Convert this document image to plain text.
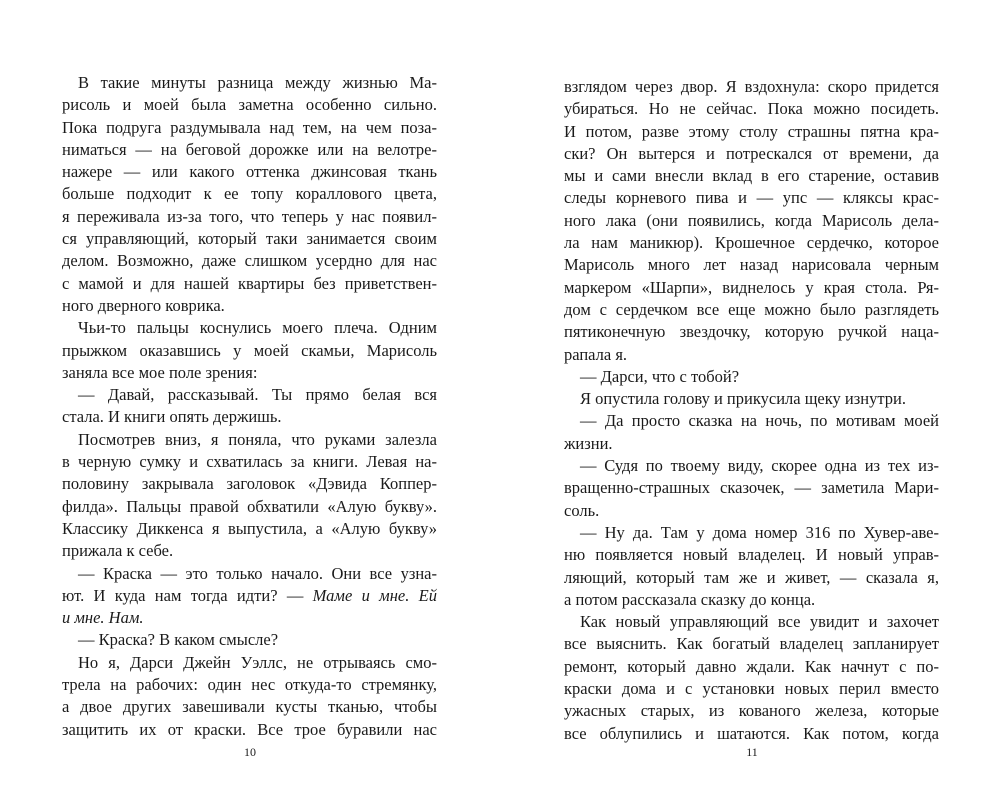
В такие минуты разница между жизнью Ма-
рисоль и моей была заметна особенно сильно.
Пока подруга раздумывала над тем, на чем поза-
ниматься — на беговой дорожке или на велотре-
нажере — или какого оттенка джинсовая ткань
больше подходит к ее топу кораллового цвета,
я переживала из-за того, что теперь у нас появил-
ся управляющий, который таки занимается своим
делом. Возможно, даже слишком усердно для нас
с мамой и для нашей квартиры без приветствен-
ного дверного коврика.
Чьи-то пальцы коснулись моего плеча. Одним
прыжком оказавшись у моей скамьи, Марисоль
заняла все мое поле зрения:
— Давай, рассказывай. Ты прямо белая вся
стала. И книги опять держишь.
Посмотрев вниз, я поняла, что руками залезла
в черную сумку и схватилась за книги. Левая на-
половину закрывала заголовок «Дэвида Коппер-
филда». Пальцы правой обхватили «Алую букву».
Классику Диккенса я выпустила, а «Алую букву»
прижала к себе.
— Краска — это только начало. Они все узна-
ют. И куда нам тогда идти? — Маме и мне. Ей
и мне. Нам.
— Краска? В каком смысле?
Но я, Дарси Джейн Уэллс, не отрываясь смо-
трела на рабочих: один нес откуда-то стремянку,
а двое других завешивали кусты тканью, чтобы
защитить их от краски. Все трое буравили нас
взглядом через двор. Я вздохнула: скоро придется
убираться. Но не сейчас. Пока можно посидеть.
И потом, разве этому столу страшны пятна кра-
ски? Он вытерся и потрескался от времени, да
мы и сами внесли вклад в его старение, оставив
следы корневого пива и — упс — кляксы крас-
ного лака (они появились, когда Марисоль дела-
ла нам маникюр). Крошечное сердечко, которое
Марисоль много лет назад нарисовала черным
маркером «Шарпи», виднелось у края стола. Ря-
дом с сердечком все еще можно было разглядеть
пятиконечную звездочку, которую ручкой наца-
рапала я.
— Дарси, что с тобой?
Я опустила голову и прикусила щеку изнутри.
— Да просто сказка на ночь, по мотивам моей
жизни.
— Судя по твоему виду, скорее одна из тех из-
вращенно-страшных сказочек, — заметила Мари-
соль.
— Ну да. Там у дома номер 316 по Хувер-аве-
ню появляется новый владелец. И новый управ-
ляющий, который там же и живет, — сказала я,
а потом рассказала сказку до конца.
Как новый управляющий все увидит и захочет
все выяснить. Как богатый владелец запланирует
ремонт, который давно ждали. Как начнут с по-
краски дома и с установки новых перил вместо
ужасных старых, из кованого железа, которые
все облупились и шатаются. Как потом, когда
10	11
